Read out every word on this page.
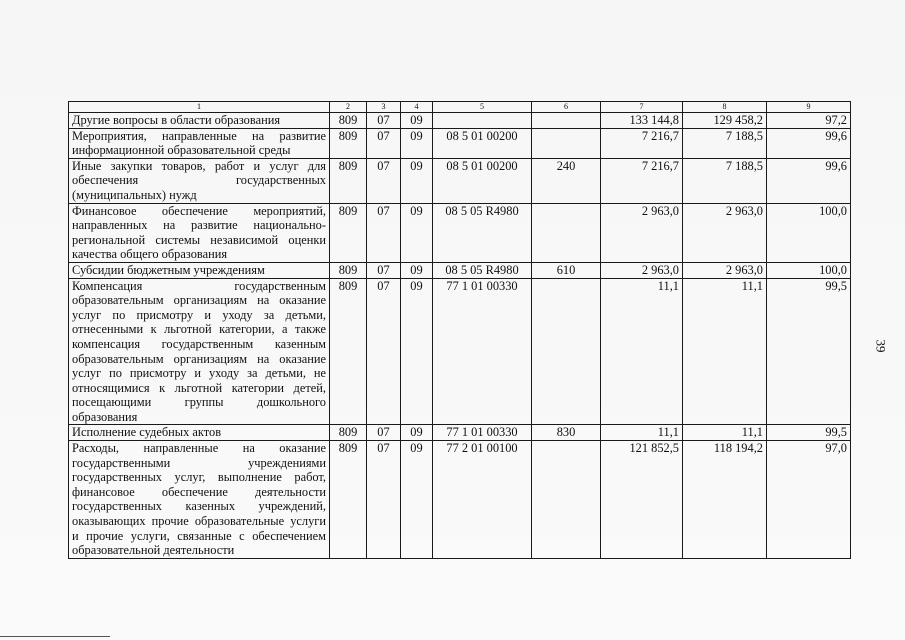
1	2	3	4	5	6	7	8	9
Другие вопросы в области образования	809	07	09			133 144,8	129 458,2	97,2
Мероприятия, направленные на развитие информационной образовательной среды	809	07	09	08 5 01 00200		7 216,7	7 188,5	99,6
Иные закупки товаров, работ и услуг для обеспечения государственных (муниципальных) нужд	809	07	09	08 5 01 00200	240	7 216,7	7 188,5	99,6
Финансовое обеспечение мероприятий, направленных на развитие национально-региональной системы независимой оценки качества общего образования	809	07	09	08 5 05 R4980		2 963,0	2 963,0	100,0
Субсидии бюджетным учреждениям	809	07	09	08 5 05 R4980	610	2 963,0	2 963,0	100,0
Компенсация государственным образовательным организациям на оказание услуг по присмотру и уходу за детьми, отнесенными к льготной категории, а также компенсация государственным казенным образовательным организациям на оказание услуг по присмотру и уходу за детьми, не относящимися к льготной категории детей, посещающими группы дошкольного образования	809	07	09	77 1 01 00330		11,1	11,1	99,5
Исполнение судебных актов	809	07	09	77 1 01 00330	830	11,1	11,1	99,5
Расходы, направленные на оказание государственными учреждениями государственных услуг, выполнение работ, финансовое обеспечение деятельности государственных казенных учреждений, оказывающих прочие образовательные услуги и прочие услуги, связанные с обеспечением образовательной деятельности	809	07	09	77 2 01 00100		121 852,5	118 194,2	97,0
39
